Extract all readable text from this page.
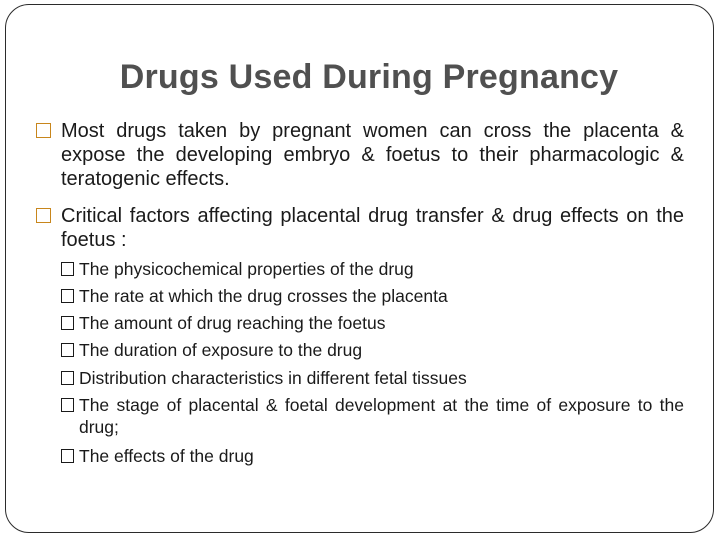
Drugs Used During Pregnancy
Most drugs taken by pregnant women can cross the placenta & expose the developing embryo & foetus to their pharmacologic & teratogenic effects.
Critical factors affecting placental drug transfer & drug effects on the foetus :
The physicochemical properties of the drug
The rate at which the drug crosses the placenta
The amount of drug reaching the foetus
The duration of exposure to the drug
Distribution characteristics in different fetal tissues
The stage of placental & foetal development at the time of exposure to the drug;
The effects of the drug
